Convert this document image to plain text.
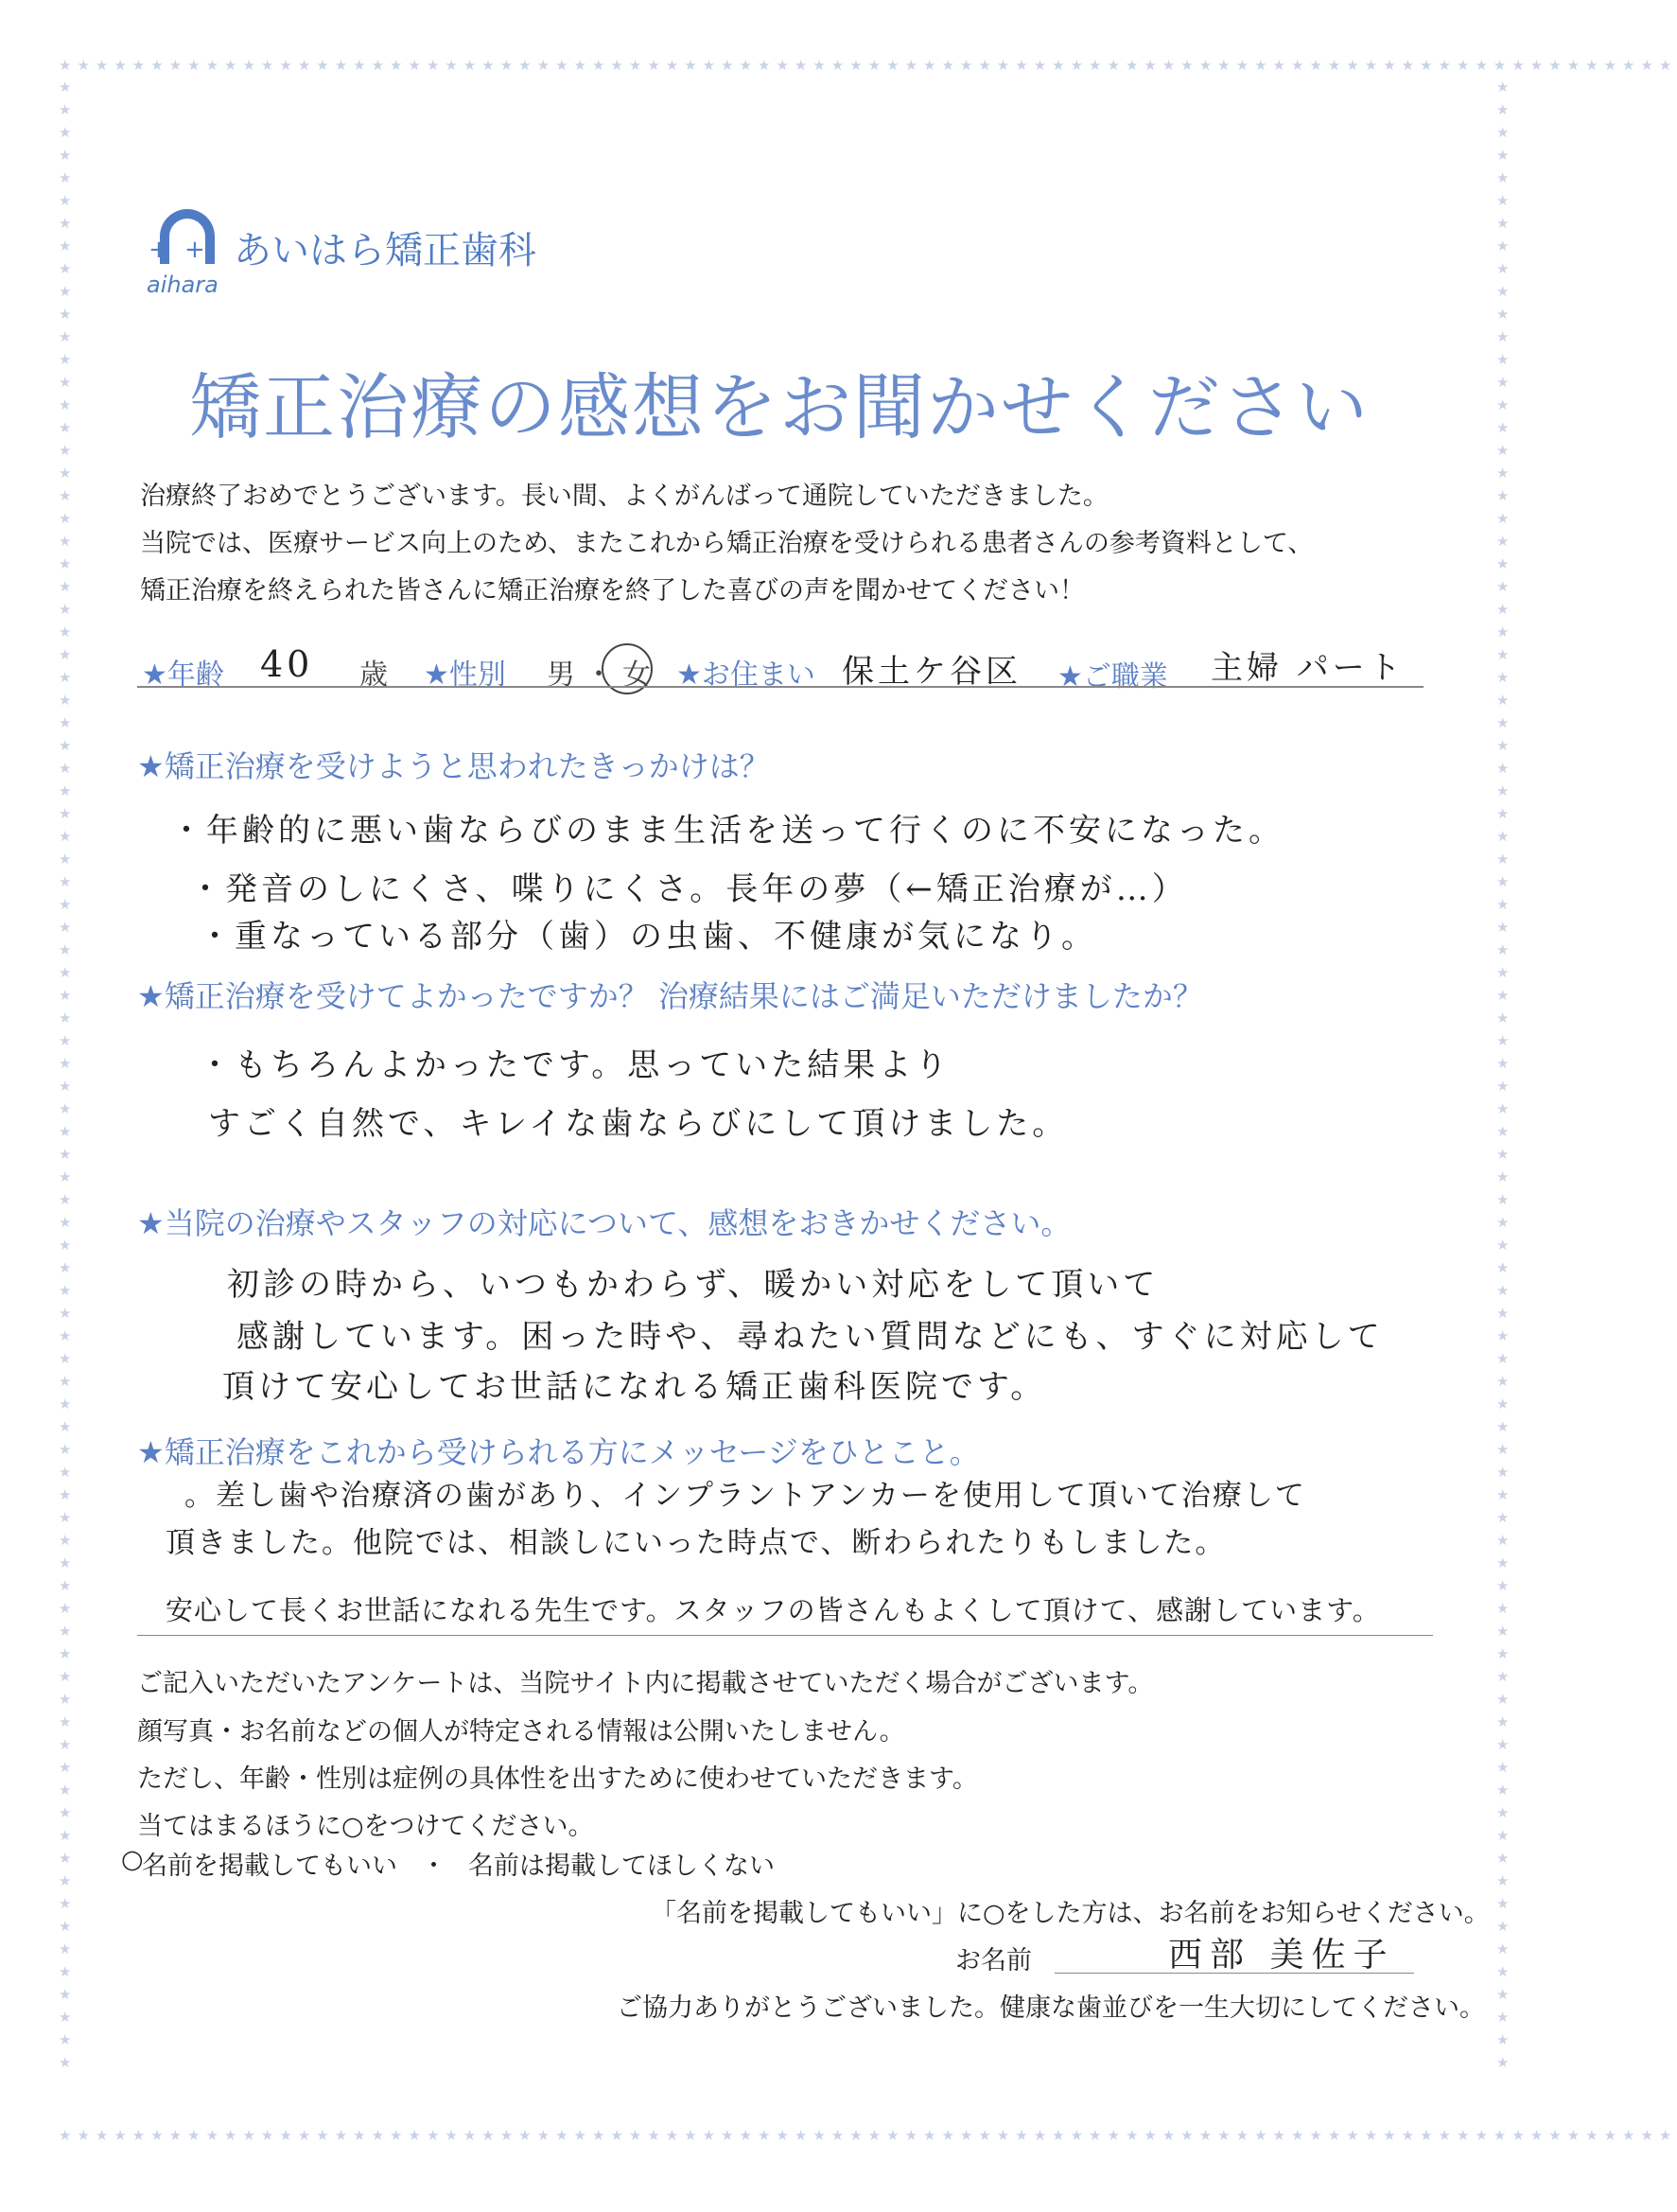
★★★★★★★★★★★★★★★★★★★★★★★★★★★★★★★★★★★★★★★★★★★★★★★★★★★★★★★★★★★★★★★★★★★★★★★★★★★★★★★★★★★★★★★★
★★★★★★★★★★★★★★★★★★★★★★★★★★★★★★★★★★★★★★★★★★★★★★★★★★★★★★★★★★★★★★★★★★★★★★★★★★★★★★★★★★★★★★★★
★★★★★★★★★★★★★★★★★★★★★★★★★★★★★★★★★★★★★★★★★★★★★★★★★★★★★★★★★★★★★★★★★★★★★★★★★★★★★★★★★★★★★★★★
★★★★★★★★★★★★★★★★★★★★★★★★★★★★★★★★★★★★★★★★★★★★★★★★★★★★★★★★★★★★★★★★★★★★★★★★★★★★★★★★★★★★★★★★
+ + あいはら矯正歯科
aihara
矯正治療の感想をお聞かせください
治療終了おめでとうございます。長い間、よくがんばって通院していただきました。
当院では、医療サービス向上のため、またこれから矯正治療を受けられる患者さんの参考資料として、
矯正治療を終えられた皆さんに矯正治療を終了した喜びの声を聞かせてください！
★年齢 40 歳 ★性別 男・女 ★お住まい 保土ケ谷区 ★ご職業 主婦 パート
★矯正治療を受けようと思われたきっかけは？
・年齢的に悪い歯ならびのまま生活を送って行くのに不安になった。
・発音のしにくさ、喋りにくさ。長年の夢（←矯正治療が…）
・重なっている部分（歯）の虫歯、不健康が気になり。
★矯正治療を受けてよかったですか？ 治療結果にはご満足いただけましたか？
・もちろんよかったです。思っていた結果より
すごく自然で、キレイな歯ならびにして頂けました。
★当院の治療やスタッフの対応について、感想をおきかせください。
初診の時から、いつもかわらず、暖かい対応をして頂いて
感謝しています。困った時や、尋ねたい質問などにも、すぐに対応して
頂けて安心してお世話になれる矯正歯科医院です。
★矯正治療をこれから受けられる方にメッセージをひとこと。
。差し歯や治療済の歯があり、インプラントアンカーを使用して頂いて治療して
頂きました。他院では、相談しにいった時点で、断わられたりもしました。
安心して長くお世話になれる先生です。スタッフの皆さんもよくして頂けて、感謝しています。
ご記入いただいたアンケートは、当院サイト内に掲載させていただく場合がございます。
顔写真・お名前などの個人が特定される情報は公開いたしません。
ただし、年齢・性別は症例の具体性を出すために使わせていただきます。
当てはまるほうに○をつけてください。
○
名前を掲載してもいい ・ 名前は掲載してほしくない
「名前を掲載してもいい」に○をした方は、お名前をお知らせください。
お名前	西部 美佐子
ご協力ありがとうございました。健康な歯並びを一生大切にしてください。
